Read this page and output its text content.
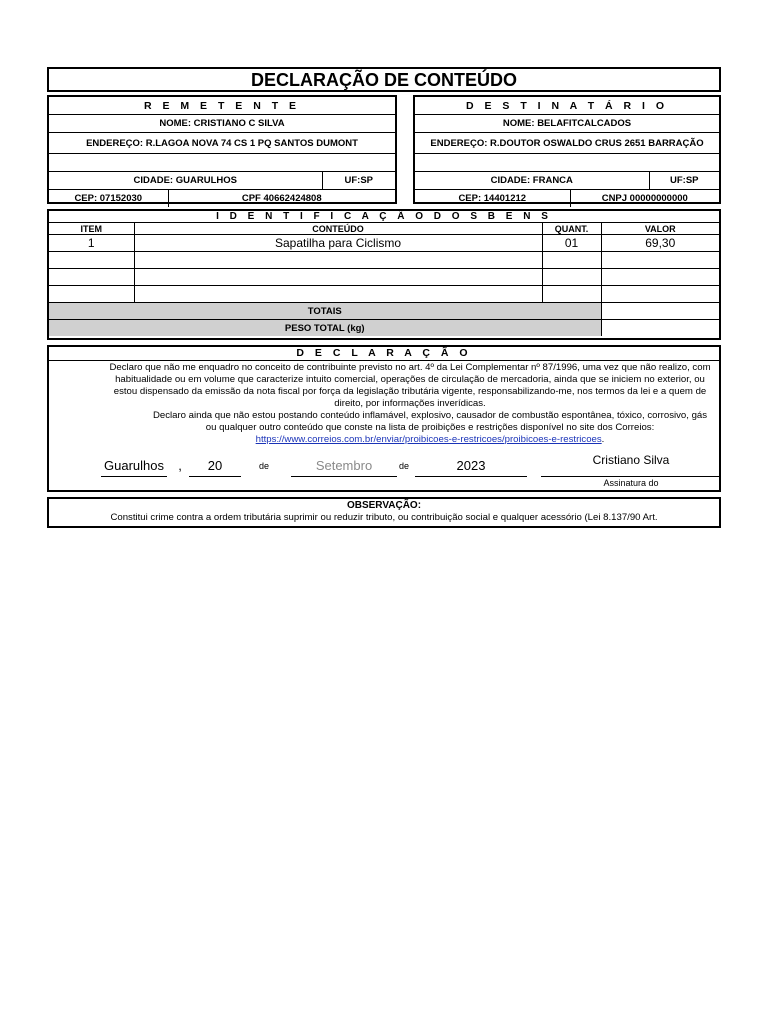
DECLARAÇÃO DE CONTEÚDO
R E M E T E N T E		
NOME: CRISTIANO C SILVA		
ENDEREÇO: R.LAGOA NOVA 74 CS 1 PQ SANTOS DUMONT		

CIDADE: GUARULHOS		UF:SP
CEP: 07152030	CPF 40662424808	
D E S T I N A T Á R I O		
NOME: BELAFITCALCADOS		
ENDEREÇO: R.DOUTOR OSWALDO CRUS 2651 BARRAÇÃO		

CIDADE: FRANCA		UF:SP
CEP: 14401212	CNPJ 00000000000	
I D E N T I F I C A Ç Ã O D O S B E N S			
ITEM	CONTEÚDO	QUANT.	VALOR
1	Sapatilha para Ciclismo	01	69,30

TOTAIS			
PESO TOTAL (kg)			
D E C L A R A Ç Ã O
Declaro que não me enquadro no conceito de contribuinte previsto no art. 4º da Lei Complementar nº 87/1996, uma vez que não realizo, com habitualidade ou em volume que caracterize intuito comercial, operações de circulação de mercadoria, ainda que se iniciem no exterior, ou estou dispensado da emissão da nota fiscal por força da legislação tributária vigente, responsabilizando-me, nos termos da lei e a quem de direito, por informações inverídicas.
Declaro ainda que não estou postando conteúdo inflamável, explosivo, causador de combustão espontânea, tóxico, corrosivo, gás ou qualquer outro conteúdo que conste na lista de proibições e restrições disponível no site dos Correios: https://www.correios.com.br/enviar/proibicoes-e-restricoes/proibicoes-e-restricoes.
Guarulhos ,	20	de	Setembro	de	2023	Cristiano Silva
Assinatura do
OBSERVAÇÃO:
Constitui crime contra a ordem tributária suprimir ou reduzir tributo, ou contribuição social e qualquer acessório (Lei 8.137/90 Art.
